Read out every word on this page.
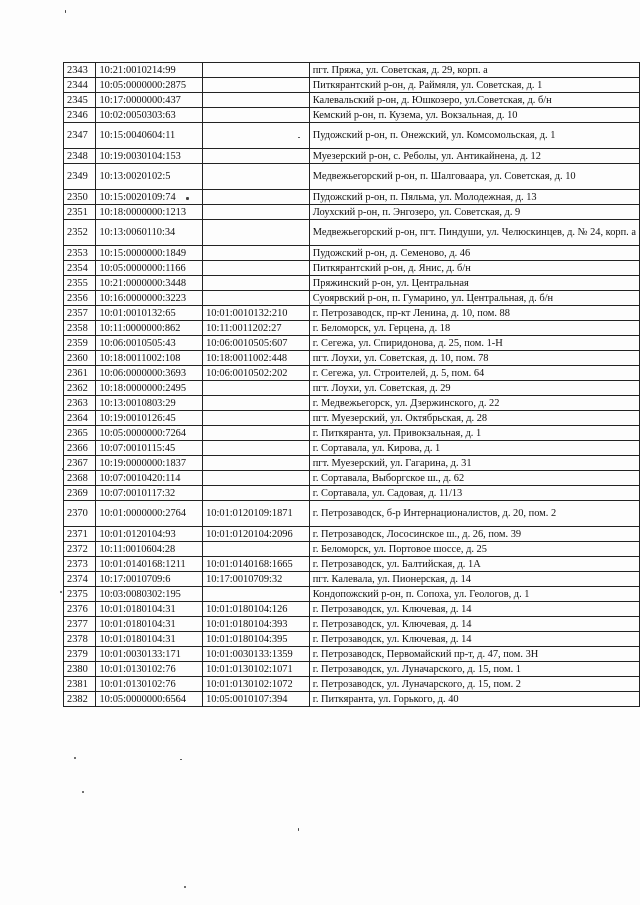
2343	10:21:0010214:99		пгт. Пряжа, ул. Советская, д. 29, корп. а
2344	10:05:0000000:2875		Питкярантский р-он, д. Раймяля, ул. Советская, д. 1
2345	10:17:0000000:437		Калевальский р-он, д. Юшкозеро, ул.Советская, д. б/н
2346	10:02:0050303:63		Кемский р-он, п. Кузема, ул. Вокзальная, д. 10
2347	10:15:0040604:11		Пудожский р-он, п. Онежский, ул. Комсомольская, д. 1
2348	10:19:0030104:153		Муезерский р-он, с. Реболы, ул. Антикайнена, д. 12
2349	10:13:0020102:5		Медвежьегорский р-он, п. Шалговаара, ул. Советская, д. 10
2350	10:15:0020109:74		Пудожский р-он, п. Пяльма, ул. Молодежная, д. 13
2351	10:18:0000000:1213		Лоухский р-он, п. Энгозеро, ул. Советская, д. 9
2352	10:13:0060110:34		Медвежьегорский р-он, пгт. Пиндуши, ул. Челюскинцев, д. № 24, корп. а
2353	10:15:0000000:1849		Пудожский р-он, д. Семеново, д. 46
2354	10:05:0000000:1166		Питкярантский р-он, д. Янис, д. б/н
2355	10:21:0000000:3448		Пряжинский р-он, ул. Центральная
2356	10:16:0000000:3223		Суоярвский р-он, п. Гумарино, ул. Центральная, д. б/н
2357	10:01:0010132:65	10:01:0010132:210	г. Петрозаводск, пр-кт Ленина, д. 10, пом. 88
2358	10:11:0000000:862	10:11:0011202:27	г. Беломорск, ул. Герцена, д. 18
2359	10:06:0010505:43	10:06:0010505:607	г. Сегежа, ул. Спиридонова, д. 25, пом. 1-Н
2360	10:18:0011002:108	10:18:0011002:448	пгт. Лоухи, ул. Советская, д. 10, пом. 78
2361	10:06:0000000:3693	10:06:0010502:202	г. Сегежа, ул. Строителей, д. 5, пом. 64
2362	10:18:0000000:2495		пгт. Лоухи, ул. Советская, д. 29
2363	10:13:0010803:29		г. Медвежьегорск, ул. Дзержинского, д. 22
2364	10:19:0010126:45		пгт. Муезерский, ул. Октябрьская, д. 28
2365	10:05:0000000:7264		г. Питкяранта, ул. Привокзальная, д. 1
2366	10:07:0010115:45		г. Сортавала, ул. Кирова, д. 1
2367	10:19:0000000:1837		пгт. Муезерский, ул. Гагарина, д. 31
2368	10:07:0010420:114		г. Сортавала, Выборгское ш., д. 62
2369	10:07:0010117:32		г. Сортавала, ул. Садовая, д. 11/13
2370	10:01:0000000:2764	10:01:0120109:1871	г. Петрозаводск, б-р Интернационалистов, д. 20, пом. 2
2371	10:01:0120104:93	10:01:0120104:2096	г. Петрозаводск, Лососинское ш., д. 26, пом. 39
2372	10:11:0010604:28		г. Беломорск, ул. Портовое шоссе, д. 25
2373	10:01:0140168:1211	10:01:0140168:1665	г. Петрозаводск, ул. Балтийская, д. 1А
2374	10:17:0010709:6	10:17:0010709:32	пгт. Калевала, ул. Пионерская, д. 14
2375	10:03:0080302:195		Кондопожский р-он, п. Сопоха, ул. Геологов, д. 1
2376	10:01:0180104:31	10:01:0180104:126	г. Петрозаводск, ул. Ключевая, д. 14
2377	10:01:0180104:31	10:01:0180104:393	г. Петрозаводск, ул. Ключевая, д. 14
2378	10:01:0180104:31	10:01:0180104:395	г. Петрозаводск, ул. Ключевая, д. 14
2379	10:01:0030133:171	10:01:0030133:1359	г. Петрозаводск, Первомайский пр-т, д. 47, пом. 3Н
2380	10:01:0130102:76	10:01:0130102:1071	г. Петрозаводск, ул. Луначарского, д. 15, пом. 1
2381	10:01:0130102:76	10:01:0130102:1072	г. Петрозаводск, ул. Луначарского, д. 15, пом. 2
2382	10:05:0000000:6564	10:05:0010107:394	г. Питкяранта, ул. Горького, д. 40
